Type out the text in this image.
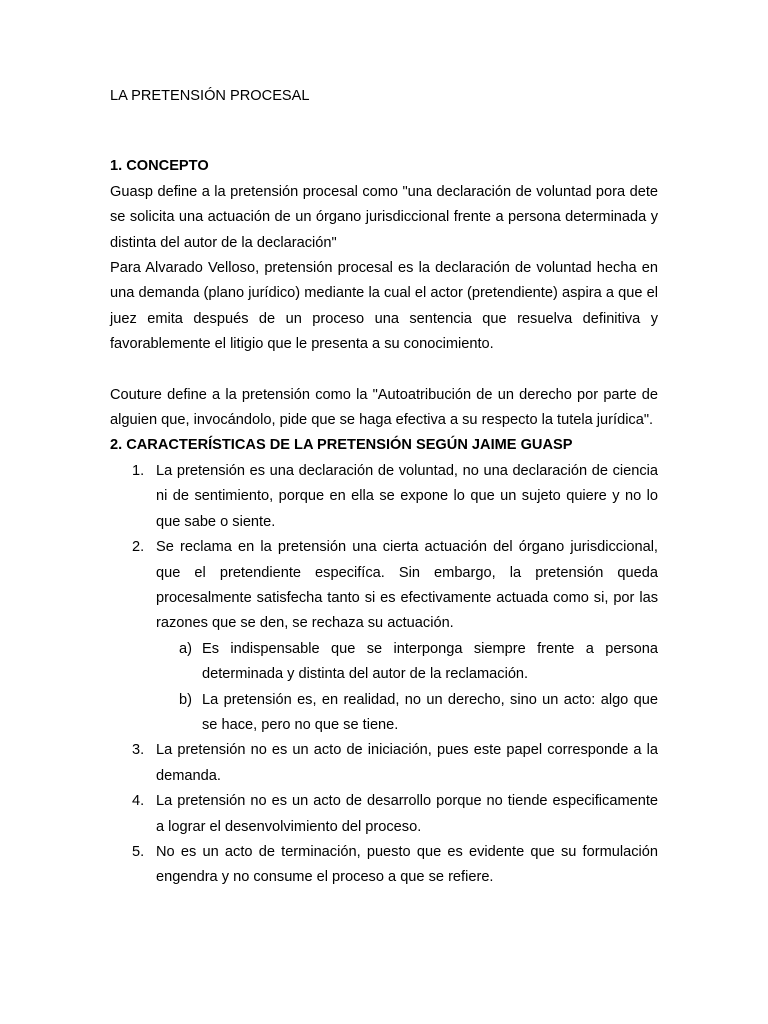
LA PRETENSIÓN PROCESAL
1. CONCEPTO

Guasp define a la pretensión procesal como "una declaración de voluntad pora dete se solicita una actuación de un órgano jurisdiccional frente a persona determinada y distinta del autor de la declaración"

Para Alvarado Velloso, pretensión procesal es la declaración de voluntad hecha en una demanda (plano jurídico) mediante la cual el actor (pretendiente) aspira a que el juez emita después de un proceso una sentencia que resuelva definitiva y favorablemente el litigio que le presenta a su conocimiento.

Couture define a la pretensión como la "Autoatribución de un derecho por parte de alguien que, invocándolo, pide que se haga efectiva a su respecto la tutela jurídica".

2. CARACTERÍSTICAS DE LA PRETENSIÓN SEGÚN JAIME GUASP
1. La pretensión es una declaración de voluntad, no una declaración de ciencia ni de sentimiento, porque en ella se expone lo que un sujeto quiere y no lo que sabe o siente.

2. Se reclama en la pretensión una cierta actuación del órgano jurisdiccional, que el pretendiente especifíca. Sin embargo, la pretensión queda procesalmente satisfecha tanto si es efectivamente actuada como si, por las razones que se den, se rechaza su actuación.

a) Es indispensable que se interponga siempre frente a persona determinada y distinta del autor de la reclamación.

b) La pretensión es, en realidad, no un derecho, sino un acto: algo que se hace, pero no que se tiene.

3. La pretensión no es un acto de iniciación, pues este papel corresponde a la demanda.

4. La pretensión no es un acto de desarrollo porque no tiende especificamente a lograr el desenvolvimiento del proceso.

5. No es un acto de terminación, puesto que es evidente que su formulación engendra y no consume el proceso a que se refiere.
